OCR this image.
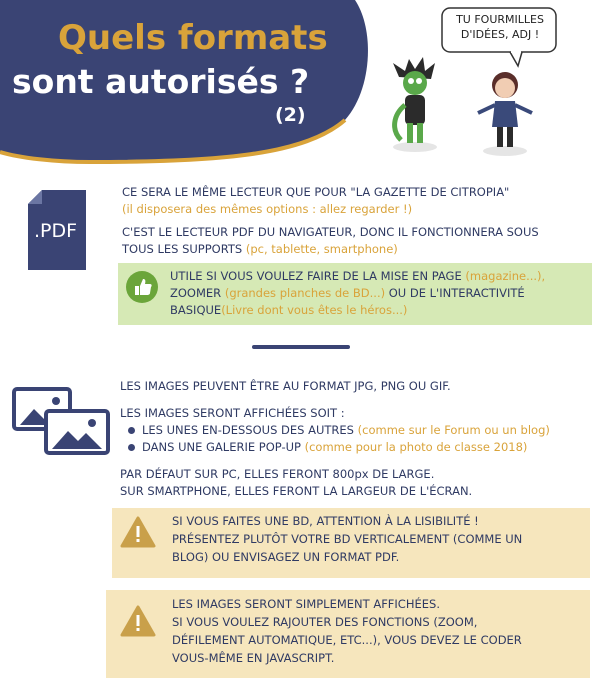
Quels formats
sont autorisés ?
(2)
TU FOURMILLES D'IDÉES, ADJ !
.PDF
CE SERA LE MÊME LECTEUR QUE POUR "LA GAZETTE DE CITROPIA"
(il disposera des mêmes options : allez regarder !)
C'EST LE LECTEUR PDF DU NAVIGATEUR, DONC IL FONCTIONNERA SOUS
TOUS LES SUPPORTS (pc, tablette, smartphone)
UTILE SI VOUS VOULEZ FAIRE DE LA MISE EN PAGE (magazine...),
ZOOMER (grandes planches de BD...) OU DE L'INTERACTIVITÉ
BASIQUE(Livre dont vous êtes le héros...)
LES IMAGES PEUVENT ÊTRE AU FORMAT JPG, PNG OU GIF.
LES IMAGES SERONT AFFICHÉES SOIT :
LES UNES EN-DESSOUS DES AUTRES (comme sur le Forum ou un blog)
DANS UNE GALERIE POP-UP (comme pour la photo de classe 2018)
PAR DÉFAUT SUR PC, ELLES FERONT 800px DE LARGE.
SUR SMARTPHONE, ELLES FERONT LA LARGEUR DE L'ÉCRAN.
SI VOUS FAITES UNE BD, ATTENTION À LA LISIBILITÉ !
PRÉSENTEZ PLUTÔT VOTRE BD VERTICALEMENT (COMME UN
BLOG) OU ENVISAGEZ UN FORMAT PDF.
LES IMAGES SERONT SIMPLEMENT AFFICHÉES.
SI VOUS VOULEZ RAJOUTER DES FONCTIONS (ZOOM,
DÉFILEMENT AUTOMATIQUE, ETC...), VOUS DEVEZ LE CODER
VOUS-MÊME EN JAVASCRIPT.
